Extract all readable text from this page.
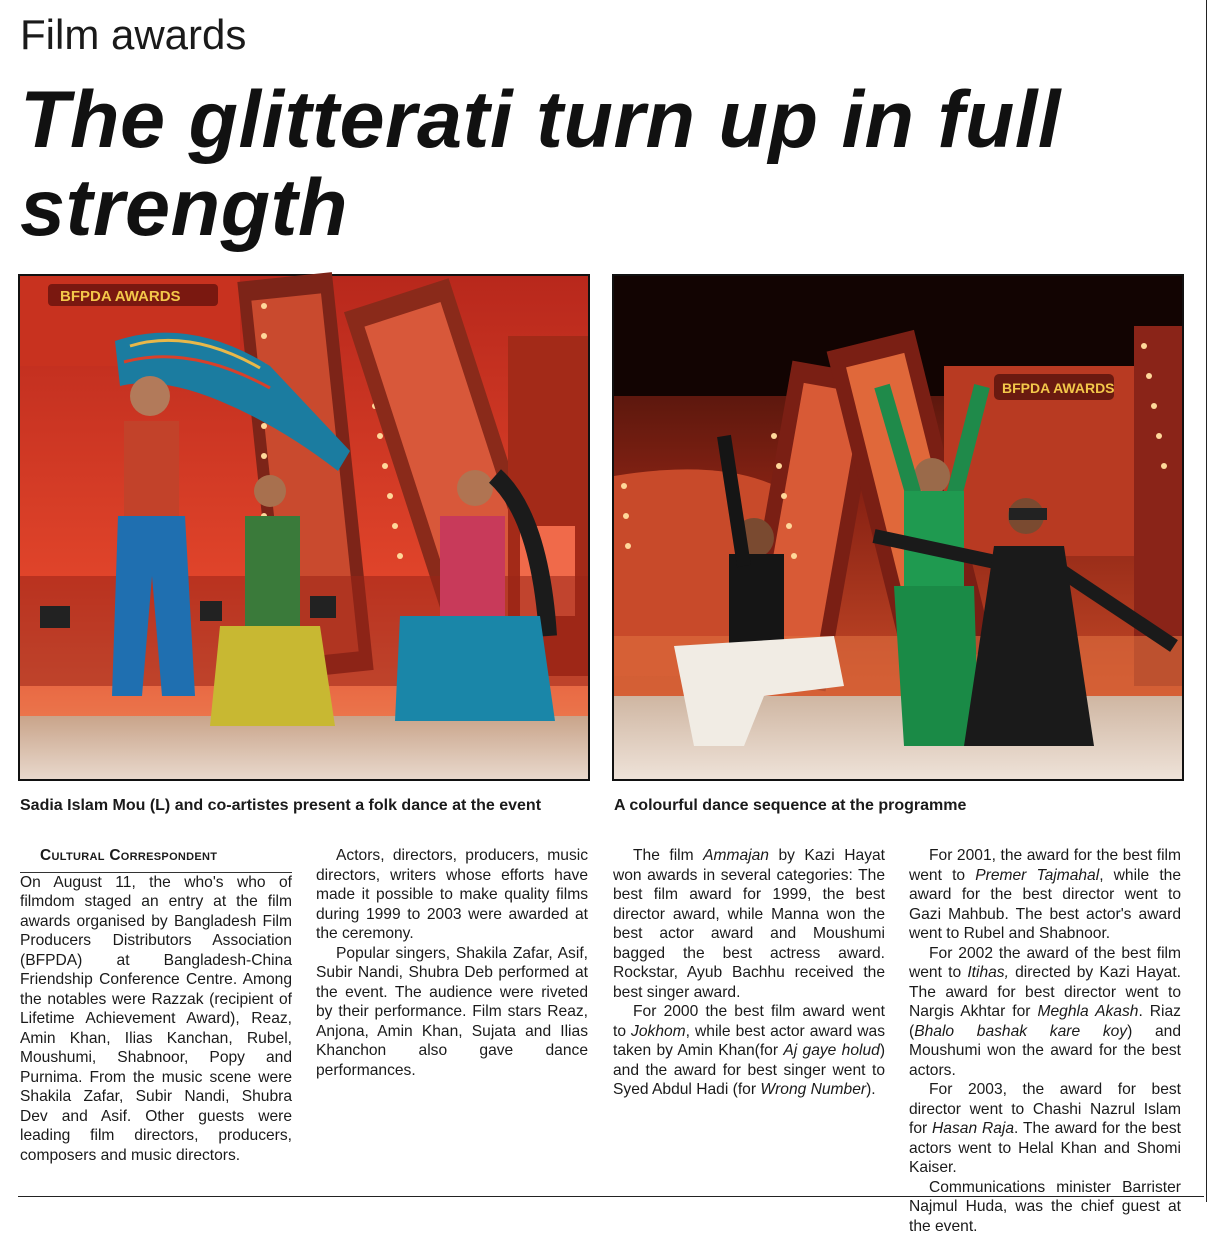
Film awards
The glitterati turn up in full strength
BFPDA AWARDS
BFPDA AWARDS
Sadia Islam Mou (L) and co-artistes present a folk dance at the event	A colourful dance sequence at the programme

Cultural Correspondent

On August 11, the who's who of filmdom staged an entry at the film awards organised by Bangladesh Film Producers Distributors Association (BFPDA) at Bangladesh-China Friendship Conference Centre. Among the notables were Razzak (recipient of Lifetime Achievement Award), Reaz, Amin Khan, Ilias Kanchan, Rubel, Moushumi, Shabnoor, Popy and Purnima. From the music scene were Shakila Zafar, Subir Nandi, Shubra Dev and Asif. Other guests were leading film directors, producers, composers and music directors.

Actors, directors, producers, music directors, writers whose efforts have made it possible to make quality films during 1999 to 2003 were awarded at the ceremony.

Popular singers, Shakila Zafar, Asif, Subir Nandi, Shubra Deb performed at the event. The audience were riveted by their performance. Film stars Reaz, Anjona, Amin Khan, Sujata and Ilias Khanchon also gave dance performances.

The film Ammajan by Kazi Hayat won awards in several categories: The best film award for 1999, the best director award, while Manna won the best actor award and Moushumi bagged the best actress award. Rockstar, Ayub Bachhu received the best singer award.

For 2000 the best film award went to Jokhom, while best actor award was taken by Amin Khan(for Aj gaye holud) and the award for best singer went to Syed Abdul Hadi (for Wrong Number).

For 2001, the award for the best film went to Premer Tajmahal, while the award for the best director went to Gazi Mahbub. The best actor's award went to Rubel and Shabnoor.

For 2002 the award of the best film went to Itihas, directed by Kazi Hayat. The award for best director went to Nargis Akhtar for Meghla Akash. Riaz (Bhalo bashak kare koy) and Moushumi won the award for the best actors.

For 2003, the award for best director went to Chashi Nazrul Islam for Hasan Raja. The award for the best actors went to Helal Khan and Shomi Kaiser.

Communications minister Barrister Najmul Huda, was the chief guest at the event.
